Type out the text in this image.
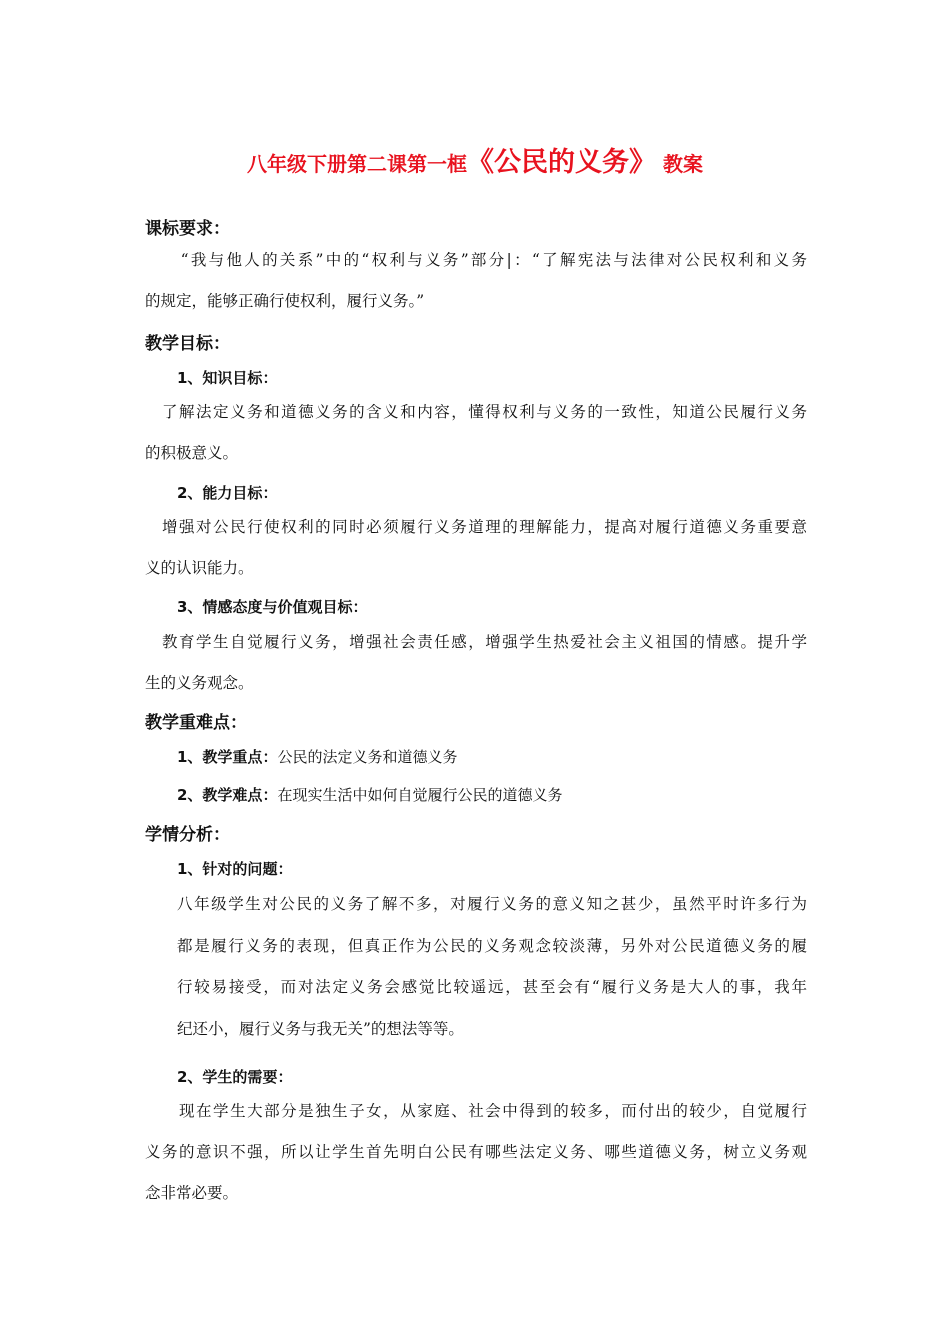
八年级下册第二课第一框《公民的义务》 教案
课标要求：
　　“我与他人的关系”中的“权利与义务”部分|：“了解宪法与法律对公民权利和义务
的规定，能够正确行使权利，履行义务。”
教学目标：
1、知识目标：
　了解法定义务和道德义务的含义和内容，懂得权利与义务的一致性，知道公民履行义务
的积极意义。
2、能力目标：
　增强对公民行使权利的同时必须履行义务道理的理解能力，提高对履行道德义务重要意
义的认识能力。
3、情感态度与价值观目标：
　教育学生自觉履行义务，增强社会责任感，增强学生热爱社会主义祖国的情感。提升学
生的义务观念。
教学重难点：
1、教学重点：公民的法定义务和道德义务
2、教学难点：在现实生活中如何自觉履行公民的道德义务
学情分析：
1、针对的问题：
八年级学生对公民的义务了解不多，对履行义务的意义知之甚少，虽然平时许多行为
都是履行义务的表现，但真正作为公民的义务观念较淡薄，另外对公民道德义务的履
行较易接受，而对法定义务会感觉比较遥远，甚至会有“履行义务是大人的事，我年
纪还小，履行义务与我无关”的想法等等。
2、学生的需要：
　　现在学生大部分是独生子女，从家庭、社会中得到的较多，而付出的较少，自觉履行
义务的意识不强，所以让学生首先明白公民有哪些法定义务、哪些道德义务，树立义务观
念非常必要。
